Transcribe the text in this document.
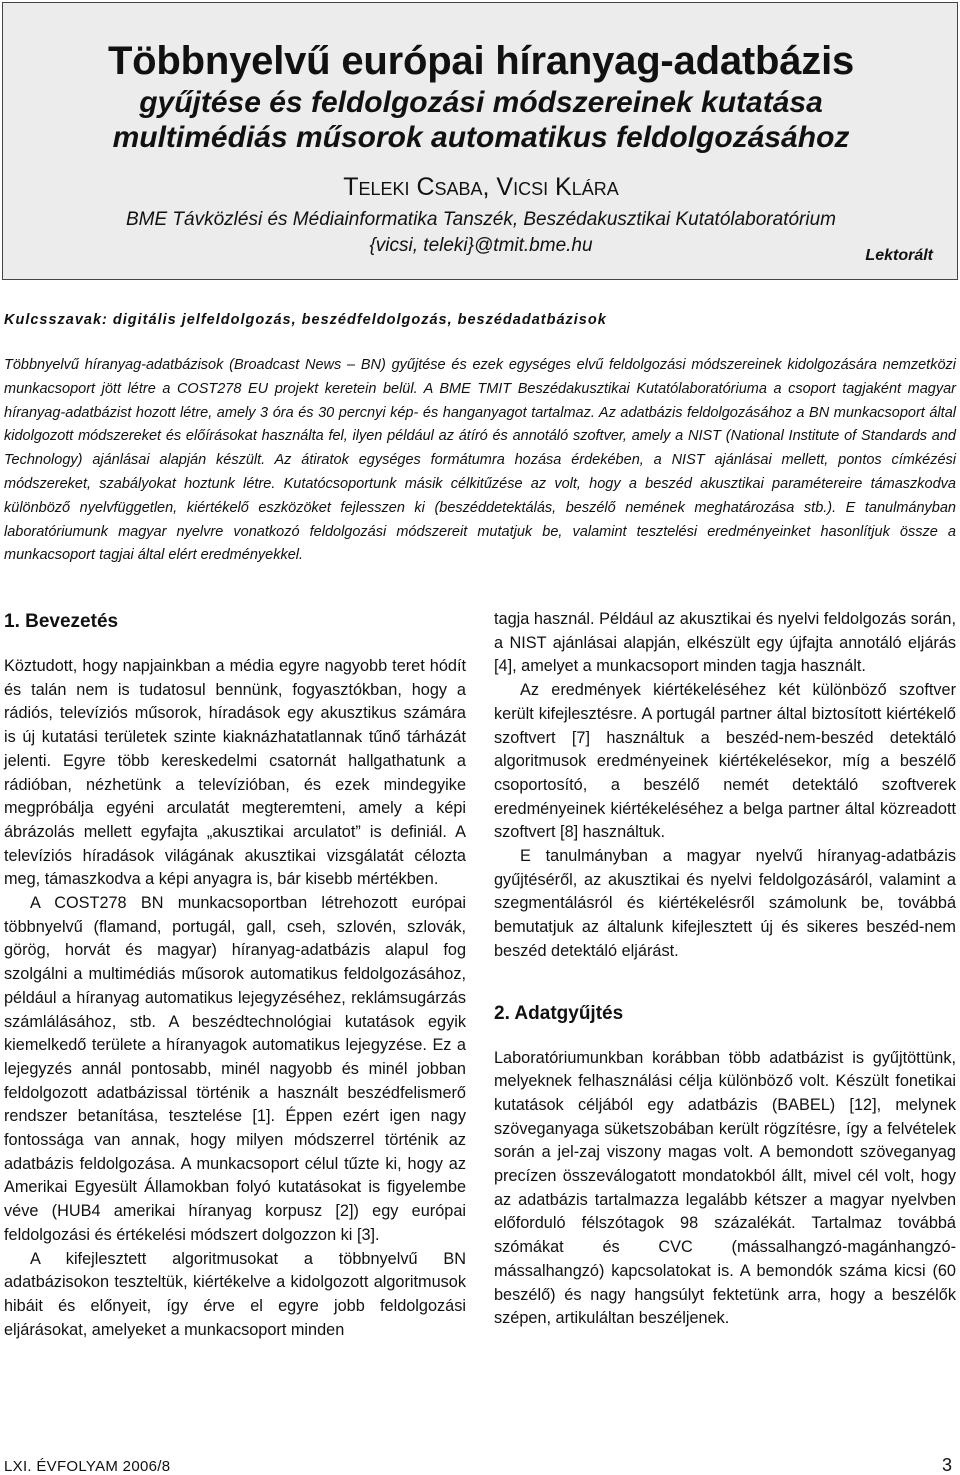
Többnyelvű európai híranyag-adatbázis
gyűjtése és feldolgozási módszereinek kutatása
multimédiás műsorok automatikus feldolgozásához
Teleki Csaba, Vicsi Klára
BME Távközlési és Médiainformatika Tanszék, Beszédakusztikai Kutatólaboratórium
{vicsi, teleki}@tmit.bme.hu	Lektorált
Kulcsszavak: digitális jelfeldolgozás, beszédfeldolgozás, beszédadatbázisok
Többnyelvű híranyag-adatbázisok (Broadcast News – BN) gyűjtése és ezek egységes elvű feldolgozási módszereinek kidolgozására nemzetközi munkacsoport jött létre a COST278 EU projekt keretein belül. A BME TMIT Beszédakusztikai Kutatólaboratóriuma a csoport tagjaként magyar híranyag-adatbázist hozott létre, amely 3 óra és 30 percnyi kép- és hanganyagot tartalmaz. Az adatbázis feldolgozásához a BN munkacsoport által kidolgozott módszereket és előírásokat használta fel, ilyen például az átíró és annotáló szoftver, amely a NIST (National Institute of Standards and Technology) ajánlásai alapján készült. Az átiratok egységes formátumra hozása érdekében, a NIST ajánlásai mellett, pontos címkézési módszereket, szabályokat hoztunk létre. Kutatócsoportunk másik célkitűzése az volt, hogy a beszéd akusztikai paramétereire támaszkodva különböző nyelvfüggetlen, kiértékelő eszközöket fejlesszen ki (beszéddetektálás, beszélő nemének meghatározása stb.). E tanulmányban laboratóriumunk magyar nyelvre vonatkozó feldolgozási módszereit mutatjuk be, valamint tesztelési eredményeinket hasonlítjuk össze a munkacsoport tagjai által elért eredményekkel.
1. Bevezetés

Köztudott, hogy napjainkban a média egyre nagyobb teret hódít és talán nem is tudatosul bennünk, fogyasztókban, hogy a rádiós, televíziós műsorok, híradások egy akusztikus számára is új kutatási területek szinte kiaknázhatatlannak tűnő tárházát jelenti. Egyre több kereskedelmi csatornát hallgathatunk a rádióban, nézhetünk a televízióban, és ezek mindegyike megpróbálja egyéni arculatát megteremteni, amely a képi ábrázolás mellett egyfajta „akusztikai arculatot” is definiál. A televíziós híradások világának akusztikai vizsgálatát célozta meg, támaszkodva a képi anyagra is, bár kisebb mértékben.

A COST278 BN munkacsoportban létrehozott európai többnyelvű (flamand, portugál, gall, cseh, szlovén, szlovák, görög, horvát és magyar) híranyag-adatbázis alapul fog szolgálni a multimédiás műsorok automatikus feldolgozásához, például a híranyag automatikus lejegyzéséhez, reklámsugárzás számlálásához, stb. A beszédtechnológiai kutatások egyik kiemelkedő területe a híranyagok automatikus lejegyzése. Ez a lejegyzés annál pontosabb, minél nagyobb és minél jobban feldolgozott adatbázissal történik a használt beszédfelismerő rendszer betanítása, tesztelése [1]. Éppen ezért igen nagy fontossága van annak, hogy milyen módszerrel történik az adatbázis feldolgozása. A munkacsoport célul tűzte ki, hogy az Amerikai Egyesült Államokban folyó kutatásokat is figyelembe véve (HUB4 amerikai híranyag korpusz [2]) egy európai feldolgozási és értékelési módszert dolgozzon ki [3].

A kifejlesztett algoritmusokat a többnyelvű BN adatbázisokon teszteltük, kiértékelve a kidolgozott algoritmusok hibáit és előnyeit, így érve el egyre jobb feldolgozási eljárásokat, amelyeket a munkacsoport minden

tagja használ. Például az akusztikai és nyelvi feldolgozás során, a NIST ajánlásai alapján, elkészült egy újfajta annotáló eljárás [4], amelyet a munkacsoport minden tagja használt.

Az eredmények kiértékeléséhez két különböző szoftver került kifejlesztésre. A portugál partner által biztosított kiértékelő szoftvert [7] használtuk a beszéd-nem-beszéd detektáló algoritmusok eredményeinek kiértékelésekor, míg a beszélő csoportosító, a beszélő nemét detektáló szoftverek eredményeinek kiértékeléséhez a belga partner által közreadott szoftvert [8] használtuk.

E tanulmányban a magyar nyelvű híranyag-adatbázis gyűjtéséről, az akusztikai és nyelvi feldolgozásáról, valamint a szegmentálásról és kiértékelésről számolunk be, továbbá bemutatjuk az általunk kifejlesztett új és sikeres beszéd-nem beszéd detektáló eljárást.

2. Adatgyűjtés

Laboratóriumunkban korábban több adatbázist is gyűjtöttünk, melyeknek felhasználási célja különböző volt. Készült fonetikai kutatások céljából egy adatbázis (BABEL) [12], melynek szöveganyaga süketszobában került rögzítésre, így a felvételek során a jel-zaj viszony magas volt. A bemondott szöveganyag precízen összeválogatott mondatokból állt, mivel cél volt, hogy az adatbázis tartalmazza legalább kétszer a magyar nyelvben előforduló félszótagok 98 százalékát. Tartalmaz továbbá szómákat és CVC (mássalhangzó-magánhangzó-mássalhangzó) kapcsolatokat is. A bemondók száma kicsi (60 beszélő) és nagy hangsúlyt fektetünk arra, hogy a beszélők szépen, artikuláltan beszéljenek.

LXI. ÉVFOLYAM 2006/8	3
